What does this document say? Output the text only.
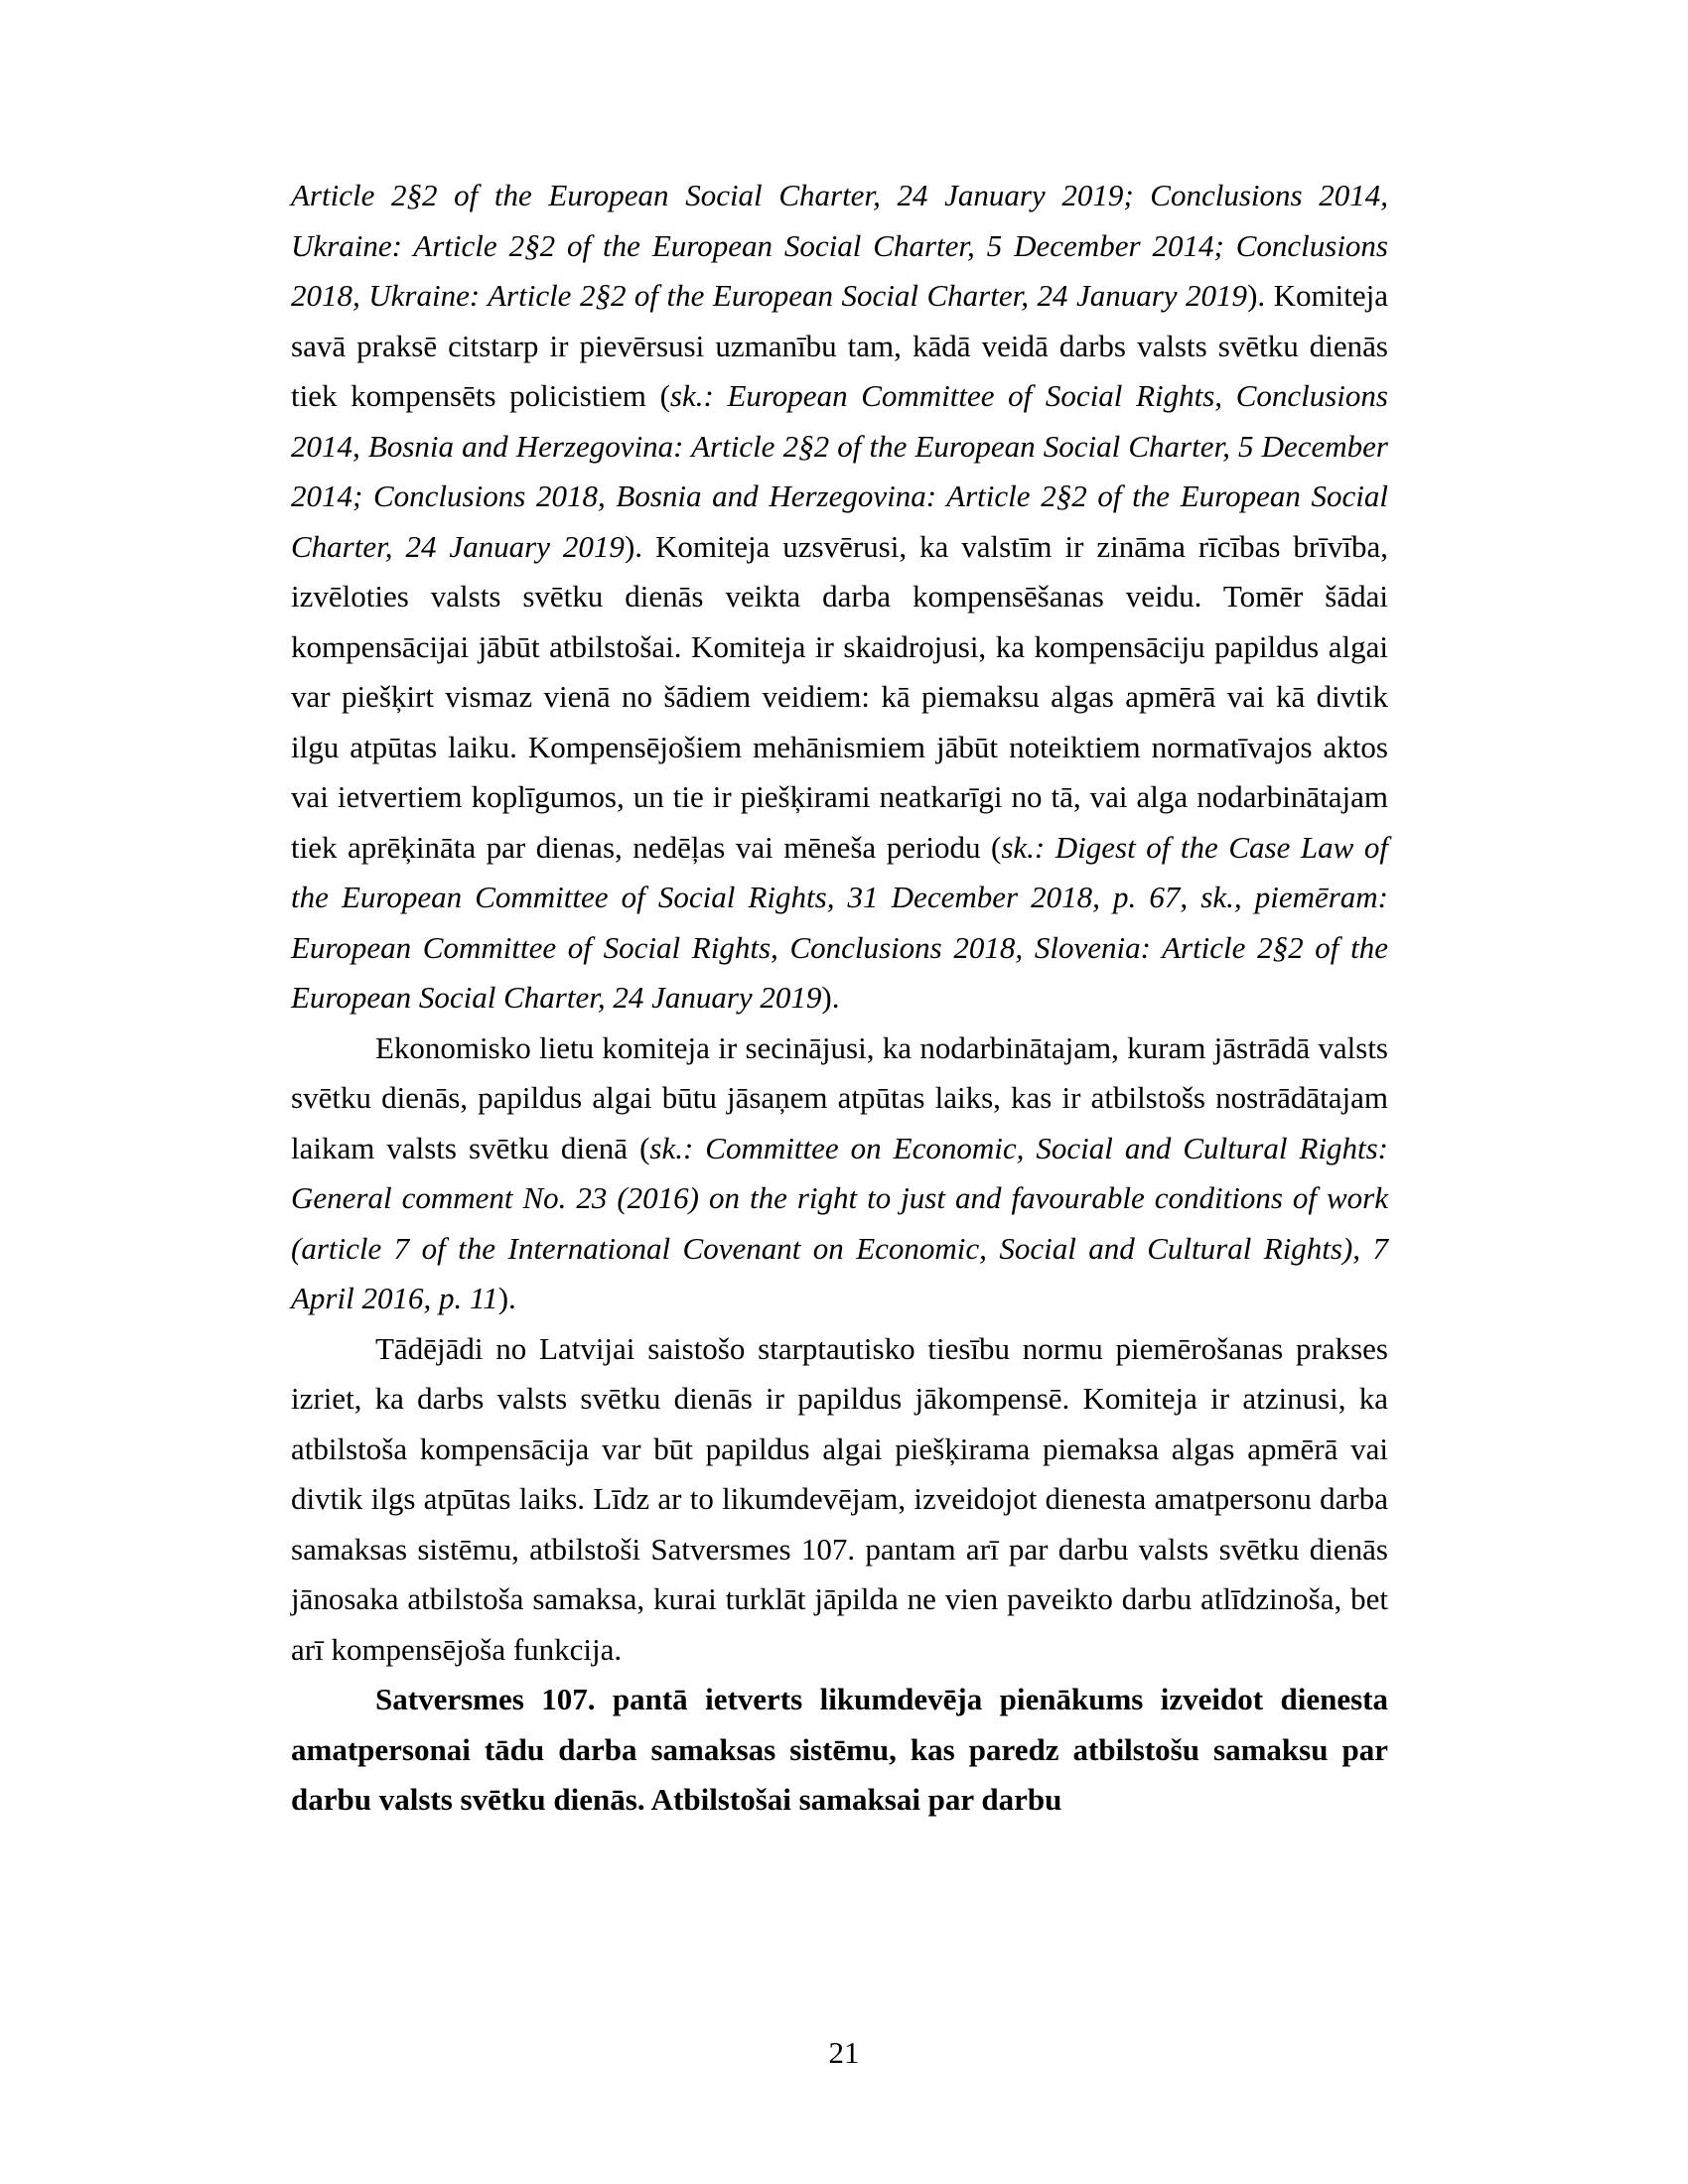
Article 2§2 of the European Social Charter, 24 January 2019; Conclusions 2014, Ukraine: Article 2§2 of the European Social Charter, 5 December 2014; Conclusions 2018, Ukraine: Article 2§2 of the European Social Charter, 24 January 2019). Komiteja savā praksē citstarp ir pievērsusi uzmanību tam, kādā veidā darbs valsts svētku dienās tiek kompensēts policistiem (sk.: European Committee of Social Rights, Conclusions 2014, Bosnia and Herzegovina: Article 2§2 of the European Social Charter, 5 December 2014; Conclusions 2018, Bosnia and Herzegovina: Article 2§2 of the European Social Charter, 24 January 2019). Komiteja uzsvērusi, ka valstīm ir zināma rīcības brīvība, izvēloties valsts svētku dienās veikta darba kompensēšanas veidu. Tomēr šādai kompensācijai jābūt atbilstošai. Komiteja ir skaidrojusi, ka kompensāciju papildus algai var piešķirt vismaz vienā no šādiem veidiem: kā piemaksu algas apmērā vai kā divtik ilgu atpūtas laiku. Kompensējošiem mehānismiem jābūt noteiktiem normatīvajos aktos vai ietvertiem koplīgumos, un tie ir piešķirami neatkarīgi no tā, vai alga nodarbinātajam tiek aprēķināta par dienas, nedēļas vai mēneša periodu (sk.: Digest of the Case Law of the European Committee of Social Rights, 31 December 2018, p. 67, sk., piemēram: European Committee of Social Rights, Conclusions 2018, Slovenia: Article 2§2 of the European Social Charter, 24 January 2019).

Ekonomisko lietu komiteja ir secinājusi, ka nodarbinātajam, kuram jāstrādā valsts svētku dienās, papildus algai būtu jāsaņem atpūtas laiks, kas ir atbilstošs nostrādātajam laikam valsts svētku dienā (sk.: Committee on Economic, Social and Cultural Rights: General comment No. 23 (2016) on the right to just and favourable conditions of work (article 7 of the International Covenant on Economic, Social and Cultural Rights), 7 April 2016, p. 11).

Tādējādi no Latvijai saistošo starptautisko tiesību normu piemērošanas prakses izriet, ka darbs valsts svētku dienās ir papildus jākompensē. Komiteja ir atzinusi, ka atbilstoša kompensācija var būt papildus algai piešķirama piemaksa algas apmērā vai divtik ilgs atpūtas laiks. Līdz ar to likumdevējam, izveidojot dienesta amatpersonu darba samaksas sistēmu, atbilstoši Satversmes 107. pantam arī par darbu valsts svētku dienās jānosaka atbilstoša samaksa, kurai turklāt jāpilda ne vien paveikto darbu atlīdzinoša, bet arī kompensējoša funkcija.

Satversmes 107. pantā ietverts likumdevēja pienākums izveidot dienesta amatpersonai tādu darba samaksas sistēmu, kas paredz atbilstošu samaksu par darbu valsts svētku dienās. Atbilstošai samaksai par darbu

21
